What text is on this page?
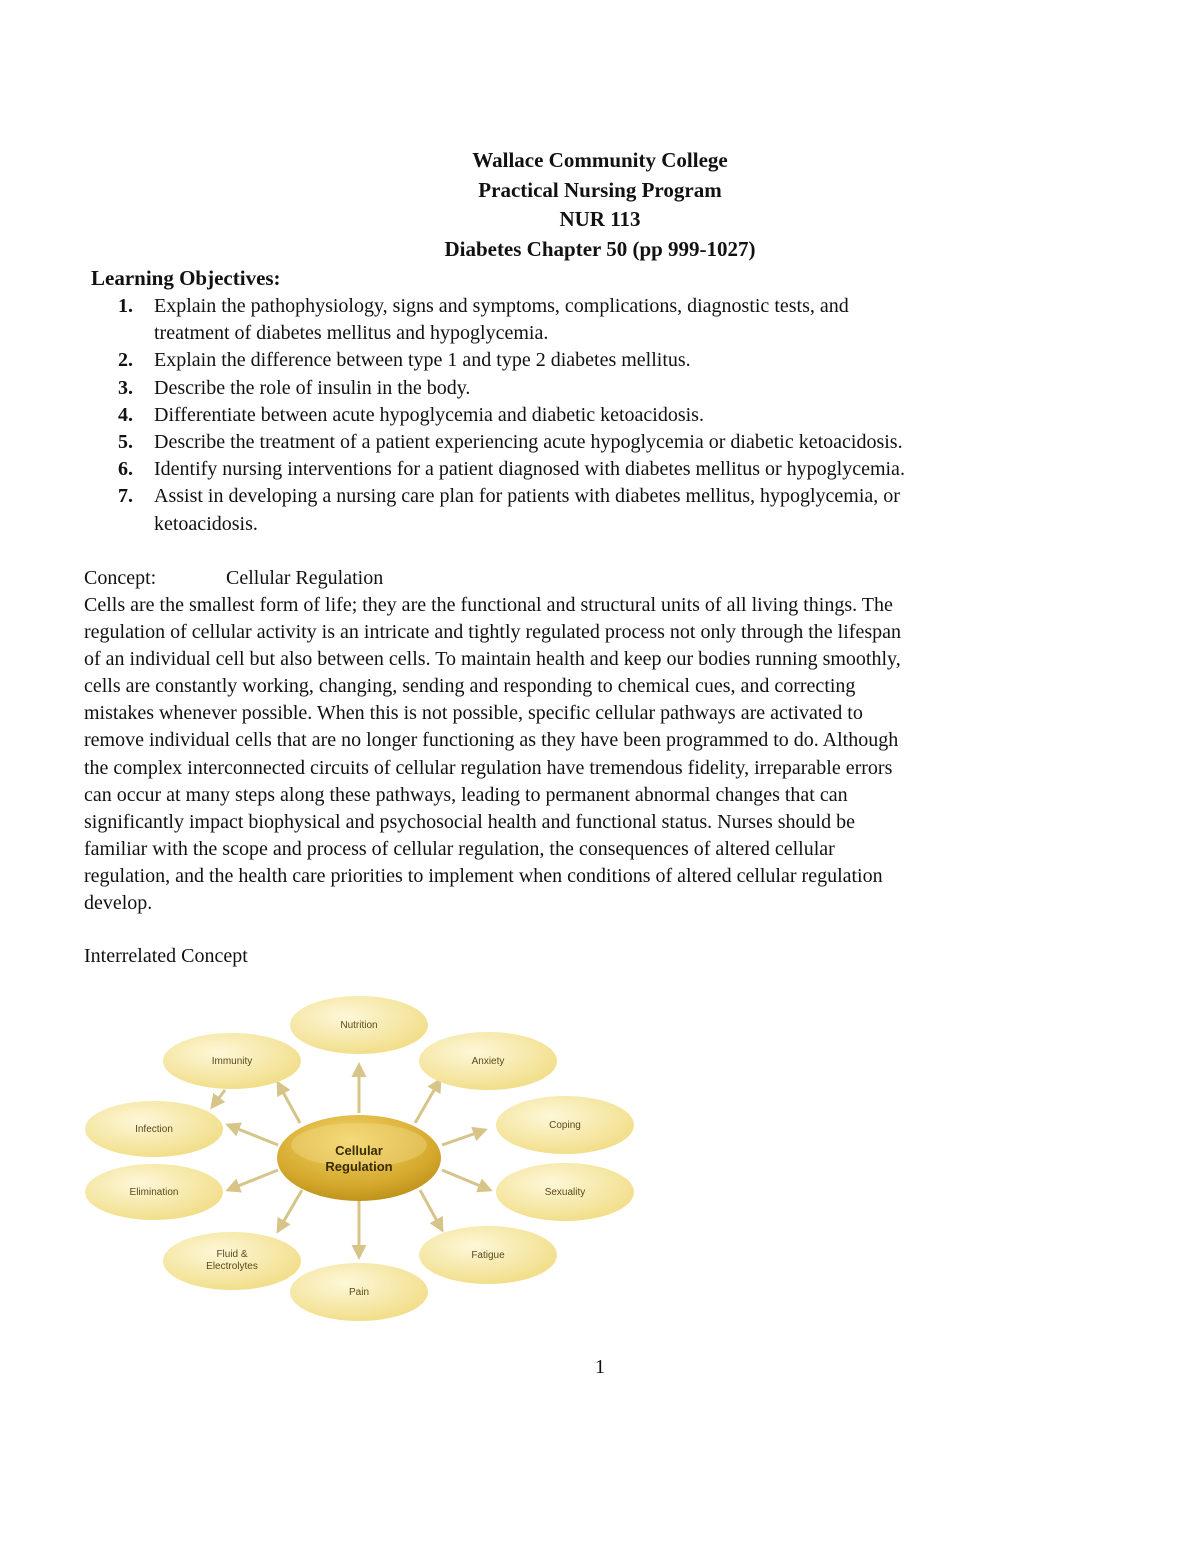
Wallace Community College
Practical Nursing Program
NUR 113
Diabetes Chapter 50 (pp 999-1027)
Learning Objectives:
1. Explain the pathophysiology, signs and symptoms, complications, diagnostic tests, and
treatment of diabetes mellitus and hypoglycemia.
2. Explain the difference between type 1 and type 2 diabetes mellitus.
3. Describe the role of insulin in the body.
4. Differentiate between acute hypoglycemia and diabetic ketoacidosis.
5. Describe the treatment of a patient experiencing acute hypoglycemia or diabetic ketoacidosis.
6. Identify nursing interventions for a patient diagnosed with diabetes mellitus or hypoglycemia.
7. Assist in developing a nursing care plan for patients with diabetes mellitus, hypoglycemia, or
ketoacidosis.
Concept:	Cellular Regulation
Cells are the smallest form of life; they are the functional and structural units of all living things. The
regulation of cellular activity is an intricate and tightly regulated process not only through the lifespan
of an individual cell but also between cells. To maintain health and keep our bodies running smoothly,
cells are constantly working, changing, sending and responding to chemical cues, and correcting
mistakes whenever possible. When this is not possible, specific cellular pathways are activated to
remove individual cells that are no longer functioning as they have been programmed to do. Although
the complex interconnected circuits of cellular regulation have tremendous fidelity, irreparable errors
can occur at many steps along these pathways, leading to permanent abnormal changes that can
significantly impact biophysical and psychosocial health and functional status. Nurses should be
familiar with the scope and process of cellular regulation, the consequences of altered cellular
regulation, and the health care priorities to implement when conditions of altered cellular regulation
develop.
Interrelated Concept
Nutrition
Immunity	Anxiety
Infection	Coping
Elimination	Sexuality
Fluid &
Electrolytes
Fatigue
Pain
Cellular
Regulation
1
